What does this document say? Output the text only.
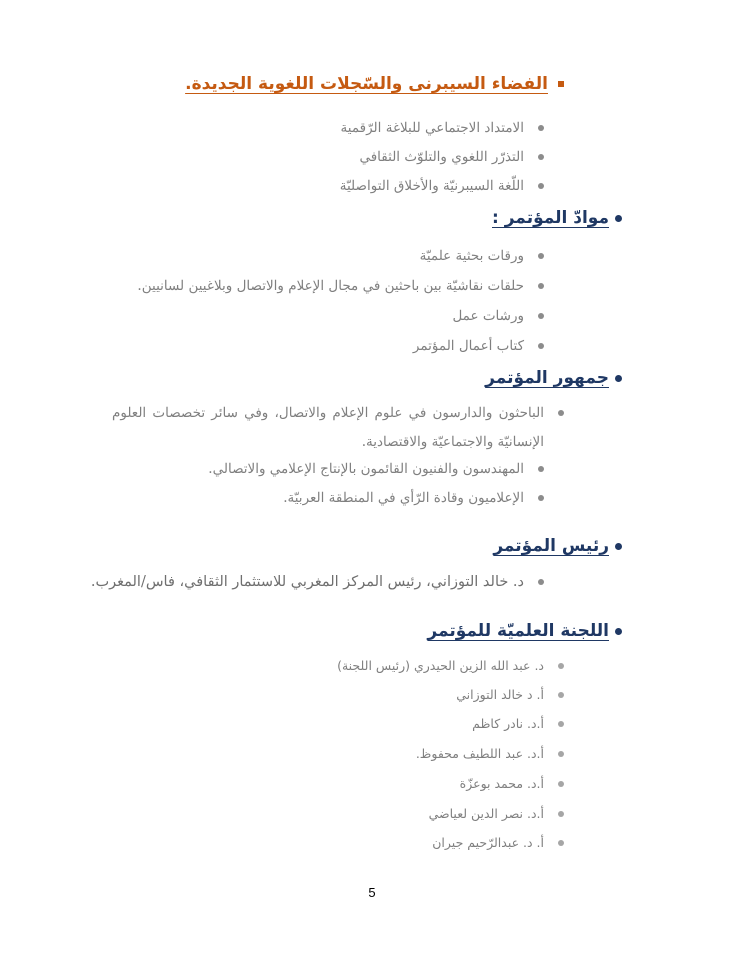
الفضاء السيبرنى والسّجلات اللغوية الجديدة.
الامتداد الاجتماعي للبلاغة الرّقمية
التذرّر اللغوي والتلوّث الثقافي
اللّغة السيبرنيّة والأخلاق التواصليّة
موادّ المؤتمر :
ورقات بحثية علميّة
حلقات نقاشيّة بين باحثين في مجال الإعلام والاتصال وبلاغيين لسانيين.
ورشات عمل
كتاب أعمال المؤتمر
جمهور المؤتمر
الباحثون والدارسون في علوم الإعلام والاتصال، وفي سائر تخصصات العلوم الإنسانيّة والاجتماعيّة والاقتصادية.
المهندسون والفنيون القائمون بالإنتاج الإعلامي والاتصالي.
الإعلاميون وقادة الرّأي في المنطقة العربيّة.
رئيس المؤتمر
د. خالد التوزاني، رئيس المركز المغربي للاستثمار الثقافي، فاس/المغرب.
اللجنة العلميّة للمؤتمر
د. عبد الله الزين الحيدري (رئيس اللجنة)
أ. د خالد التوزاني
أ.د. نادر كاظم
أ.د. عبد اللطيف محفوظ.
أ.د. محمد بوعزّة
أ.د. نصر الدين لعياضي
أ. د. عبدالرّحيم جيران
5
